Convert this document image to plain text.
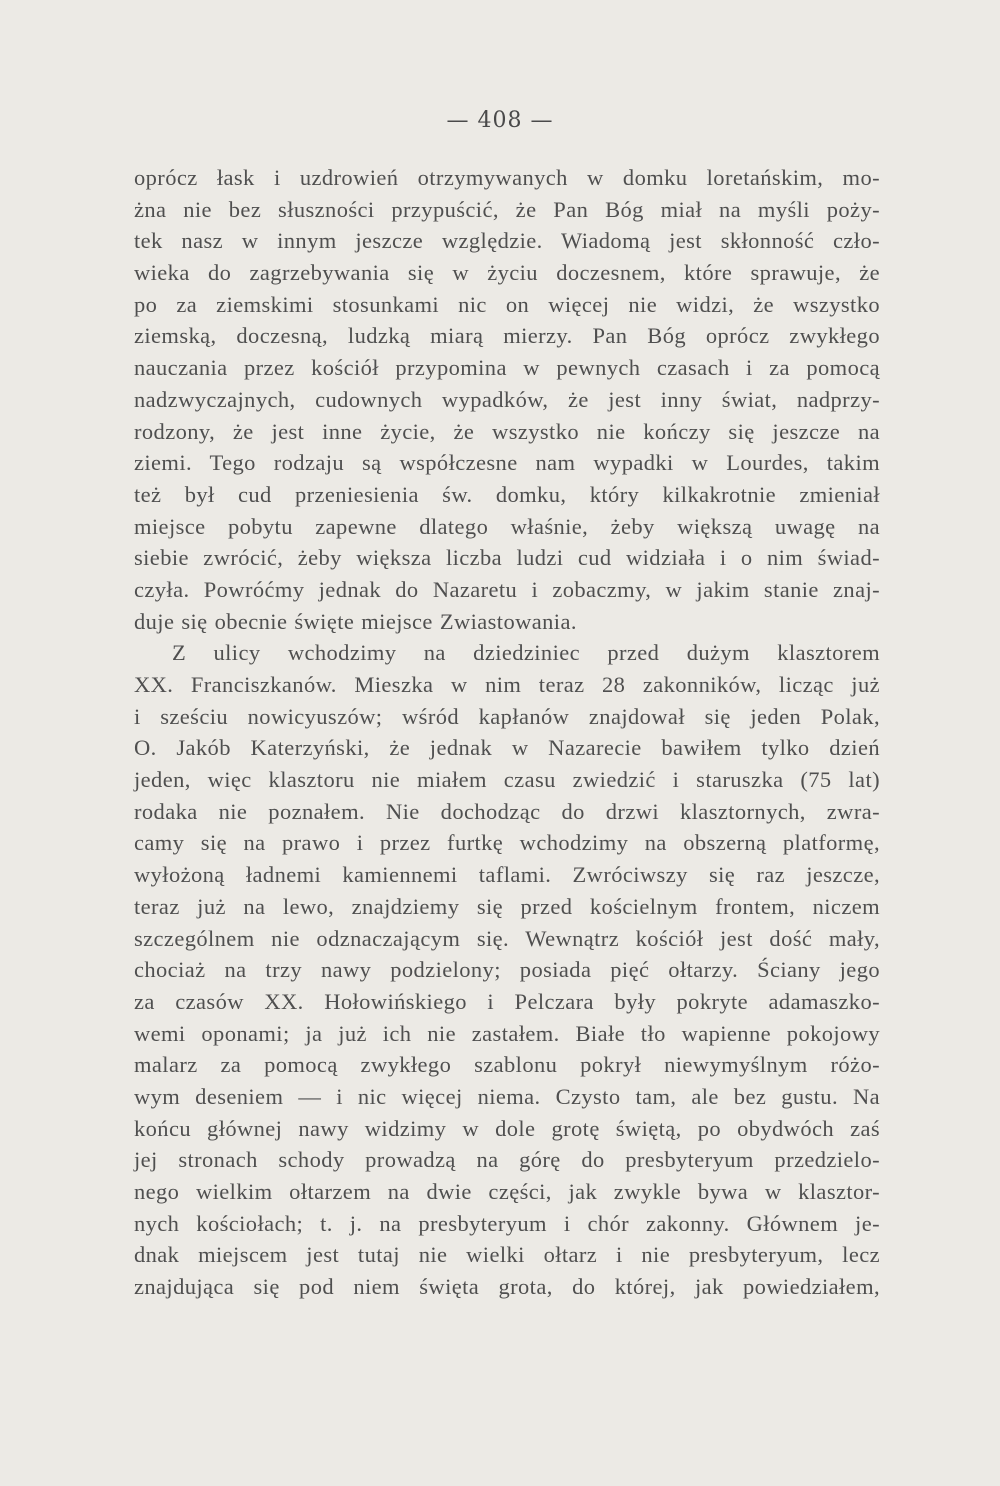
— 408 —
oprócz łask i uzdrowień otrzymywanych w domku loretańskim, mo-
żna nie bez słuszności przypuścić, że Pan Bóg miał na myśli poży-
tek nasz w innym jeszcze względzie. Wiadomą jest skłonność czło-
wieka do zagrzebywania się w życiu doczesnem, które sprawuje, że
po za ziemskimi stosunkami nic on więcej nie widzi, że wszystko
ziemską, doczesną, ludzką miarą mierzy. Pan Bóg oprócz zwykłego
nauczania przez kościół przypomina w pewnych czasach i za pomocą
nadzwyczajnych, cudownych wypadków, że jest inny świat, nadprzy-
rodzony, że jest inne życie, że wszystko nie kończy się jeszcze na
ziemi. Tego rodzaju są współczesne nam wypadki w Lourdes, takim
też był cud przeniesienia św. domku, który kilkakrotnie zmieniał
miejsce pobytu zapewne dlatego właśnie, żeby większą uwagę na
siebie zwrócić, żeby większa liczba ludzi cud widziała i o nim świad-
czyła. Powróćmy jednak do Nazaretu i zobaczmy, w jakim stanie znaj-
duje się obecnie święte miejsce Zwiastowania.
Z ulicy wchodzimy na dziedziniec przed dużym klasztorem
XX. Franciszkanów. Mieszka w nim teraz 28 zakonników, licząc już
i sześciu nowicyuszów; wśród kapłanów znajdował się jeden Polak,
O. Jakób Katerzyński, że jednak w Nazarecie bawiłem tylko dzień
jeden, więc klasztoru nie miałem czasu zwiedzić i staruszka (75 lat)
rodaka nie poznałem. Nie dochodząc do drzwi klasztornych, zwra-
camy się na prawo i przez furtkę wchodzimy na obszerną platformę,
wyłożoną ładnemi kamiennemi taflami. Zwróciwszy się raz jeszcze,
teraz już na lewo, znajdziemy się przed kościelnym frontem, niczem
szczególnem nie odznaczającym się. Wewnątrz kościół jest dość mały,
chociaż na trzy nawy podzielony; posiada pięć ołtarzy. Ściany jego
za czasów XX. Hołowińskiego i Pelczara były pokryte adamaszko-
wemi oponami; ja już ich nie zastałem. Białe tło wapienne pokojowy
malarz za pomocą zwykłego szablonu pokrył niewymyślnym różo-
wym deseniem — i nic więcej niema. Czysto tam, ale bez gustu. Na
końcu głównej nawy widzimy w dole grotę świętą, po obydwóch zaś
jej stronach schody prowadzą na górę do presbyteryum przedzielo-
nego wielkim ołtarzem na dwie części, jak zwykle bywa w klasztor-
nych kościołach; t. j. na presbyteryum i chór zakonny. Głównem je-
dnak miejscem jest tutaj nie wielki ołtarz i nie presbyteryum, lecz
znajdująca się pod niem święta grota, do której, jak powiedziałem,
